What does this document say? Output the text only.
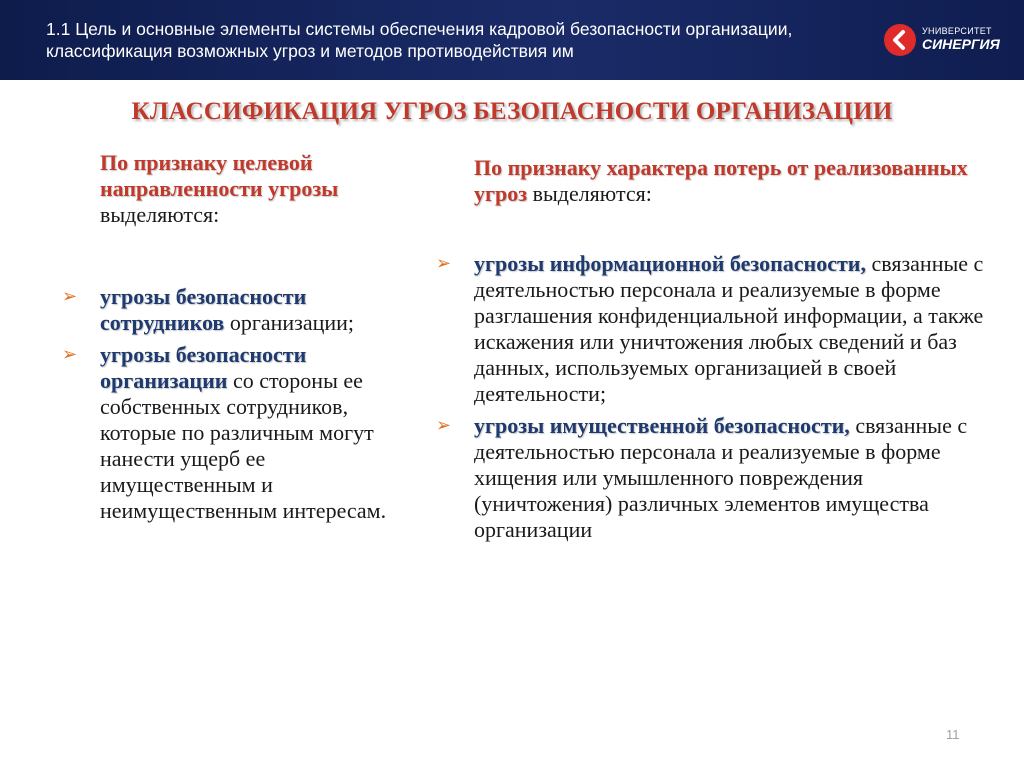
1.1 Цель и основные элементы системы обеспечения кадровой безопасности организации, классификация возможных угроз и методов противодействия им
УНИВЕРСИТЕТ
СИНЕРГИЯ
КЛАССИФИКАЦИЯ УГРОЗ БЕЗОПАСНОСТИ ОРГАНИЗАЦИИ

По признаку целевой направленности угрозы выделяются:

➢ угрозы безопасности сотрудников организации;
➢ угрозы безопасности организации со стороны ее собственных сотрудников, которые по различным могут нанести ущерб ее имущественным и неимущественным интересам.

По признаку характера потерь от реализованных угроз выделяются:

➢ угрозы информационной безопасности, связанные с деятельностью персонала и реализуемые в форме разглашения конфиденциальной информации, а также искажения или уничтожения любых сведений и баз данных, используемых организацией в своей деятельности;
➢ угрозы имущественной безопасности, связанные с деятельностью персонала и реализуемые в форме хищения или умышленного повреждения (уничтожения) различных элементов имущества организации
11
